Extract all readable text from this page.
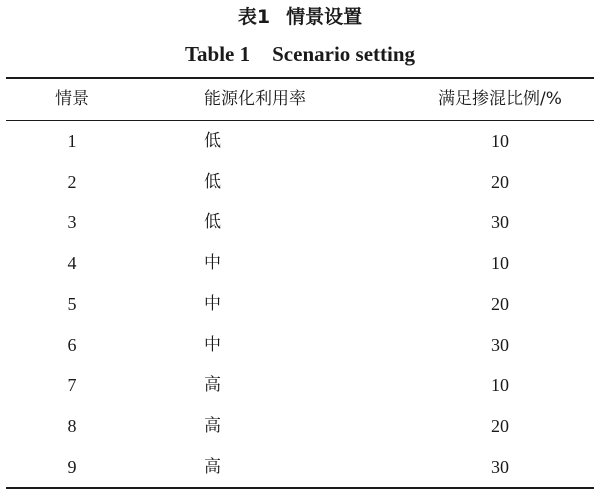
表1 情景设置
Table 1 Scenario setting
情景	能源化利用率	满足掺混比例/%
1	低	10
2	低	20
3	低	30
4	中	10
5	中	20
6	中	30
7	高	10
8	高	20
9	高	30
